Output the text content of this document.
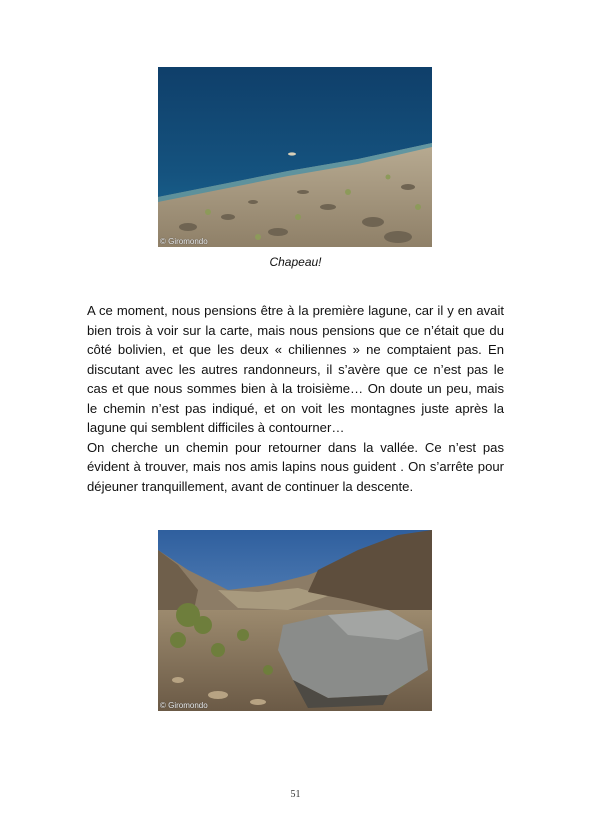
© Giromondo
Chapeau!

A ce moment, nous pensions être à la première lagune, car il y en avait bien trois à voir sur la carte, mais nous pensions que ce n’était que du côté bolivien, et que les deux « chiliennes » ne comptaient pas. En discutant avec les autres randonneurs, il s’avère que ce n’est pas le cas et que nous sommes bien à la troisième… On doute un peu, mais le chemin n’est pas indiqué, et on voit les montagnes juste après la lagune qui semblent difficiles à contourner…

On cherche un chemin pour retourner dans la vallée. Ce n’est pas évident à trouver, mais nos amis lapins nous guident . On s’arrête pour déjeuner tranquillement, avant de continuer la descente.

© Giromondo
51
